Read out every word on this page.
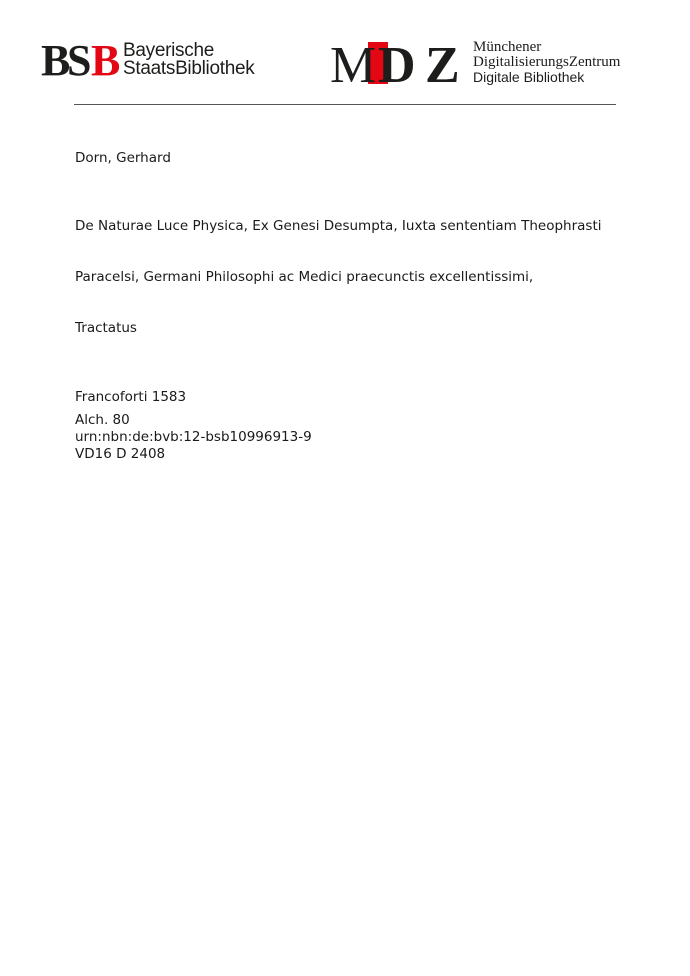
B
S B Bayerische
StaatsBibliothek M D Z Münchener
DigitalisierungsZentrum
Digitale Bibliothek
Dorn, Gerhard

De Naturae Luce Physica, Ex Genesi Desumpta, Iuxta sententiam Theophrasti

Paracelsi, Germani Philosophi ac Medici praecunctis excellentissimi,

Tractatus

Francoforti 1583
Alch. 80
urn:nbn:de:bvb:12-bsb10996913-9
VD16 D 2408
